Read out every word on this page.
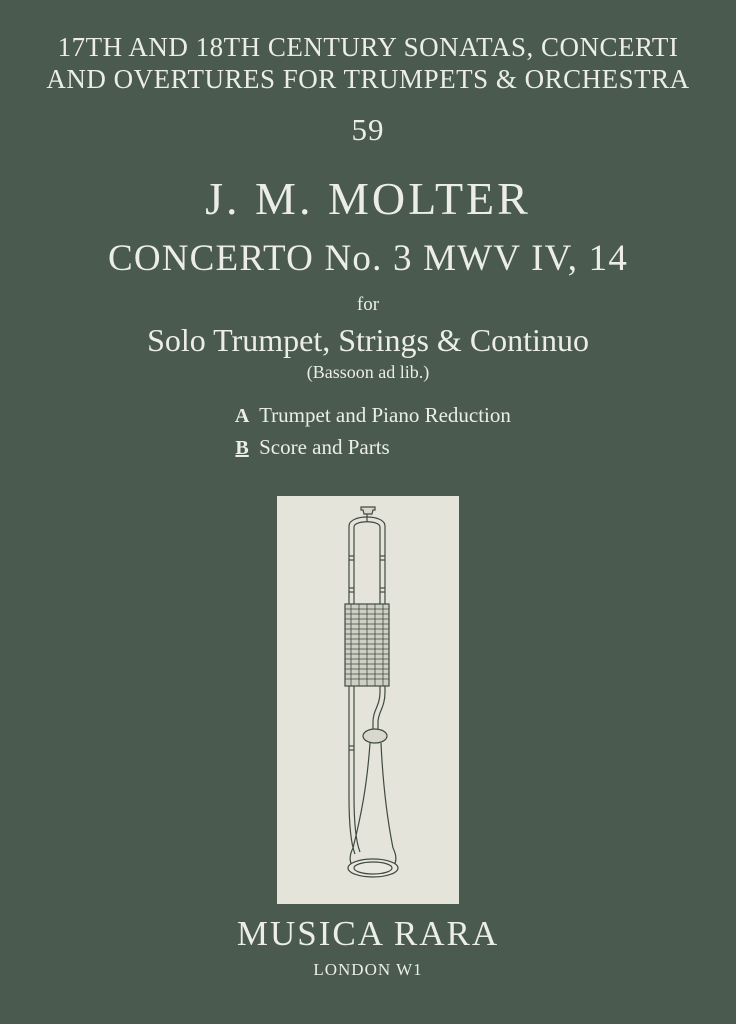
17TH AND 18TH CENTURY SONATAS, CONCERTI
AND OVERTURES FOR TRUMPETS & ORCHESTRA
59
J. M. MOLTER
CONCERTO No. 3 MWV IV, 14
for
Solo Trumpet, Strings & Continuo
(Bassoon ad lib.)
A Trumpet and Piano Reduction
B Score and Parts
MUSICA RARA
LONDON W1
